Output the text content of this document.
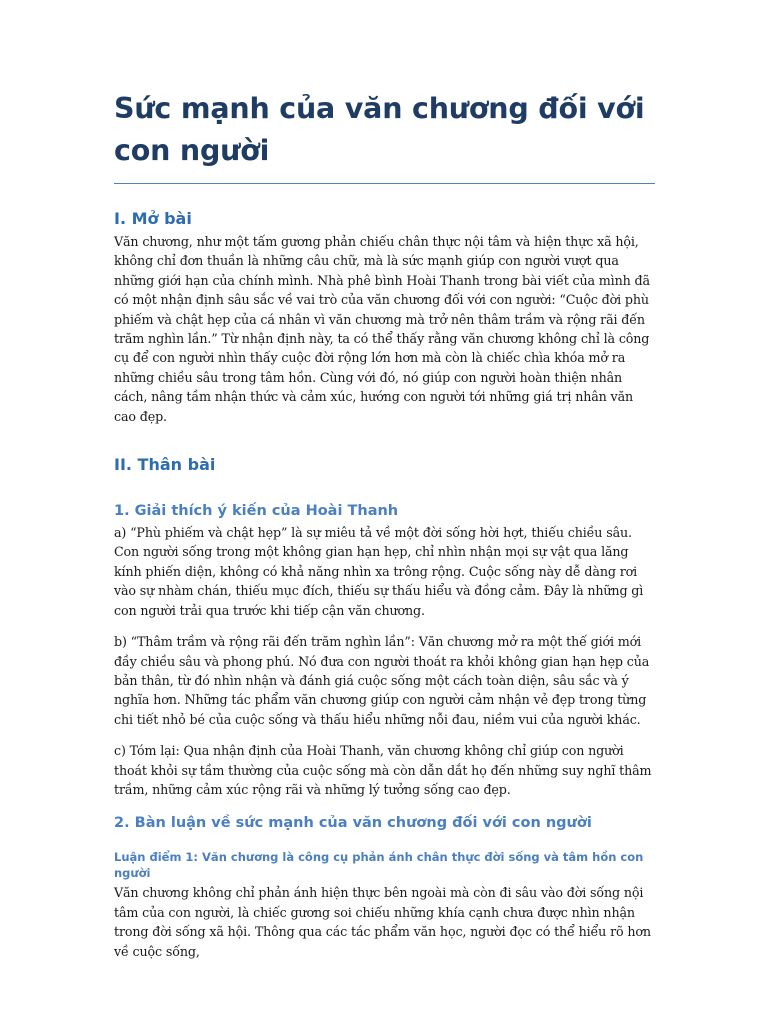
Sức mạnh của văn chương đối với con người
I. Mở bài

Văn chương, như một tấm gương phản chiếu chân thực nội tâm và hiện thực xã hội, không chỉ đơn thuần là những câu chữ, mà là sức mạnh giúp con người vượt qua những giới hạn của chính mình. Nhà phê bình Hoài Thanh trong bài viết của mình đã có một nhận định sâu sắc về vai trò của văn chương đối với con người: “Cuộc đời phù phiếm và chật hẹp của cá nhân vì văn chương mà trở nên thâm trầm và rộng rãi đến trăm nghìn lần.” Từ nhận định này, ta có thể thấy rằng văn chương không chỉ là công cụ để con người nhìn thấy cuộc đời rộng lớn hơn mà còn là chiếc chìa khóa mở ra những chiều sâu trong tâm hồn. Cùng với đó, nó giúp con người hoàn thiện nhân cách, nâng tầm nhận thức và cảm xúc, hướng con người tới những giá trị nhân văn cao đẹp.

II. Thân bài
1. Giải thích ý kiến của Hoài Thanh

a) “Phù phiếm và chật hẹp” là sự miêu tả về một đời sống hời hợt, thiếu chiều sâu. Con người sống trong một không gian hạn hẹp, chỉ nhìn nhận mọi sự vật qua lăng kính phiến diện, không có khả năng nhìn xa trông rộng. Cuộc sống này dễ dàng rơi vào sự nhàm chán, thiếu mục đích, thiếu sự thấu hiểu và đồng cảm. Đây là những gì con người trải qua trước khi tiếp cận văn chương.

b) “Thâm trầm và rộng rãi đến trăm nghìn lần”: Văn chương mở ra một thế giới mới đầy chiều sâu và phong phú. Nó đưa con người thoát ra khỏi không gian hạn hẹp của bản thân, từ đó nhìn nhận và đánh giá cuộc sống một cách toàn diện, sâu sắc và ý nghĩa hơn. Những tác phẩm văn chương giúp con người cảm nhận vẻ đẹp trong từng chi tiết nhỏ bé của cuộc sống và thấu hiểu những nỗi đau, niềm vui của người khác.

c) Tóm lại: Qua nhận định của Hoài Thanh, văn chương không chỉ giúp con người thoát khỏi sự tầm thường của cuộc sống mà còn dẫn dắt họ đến những suy nghĩ thâm trầm, những cảm xúc rộng rãi và những lý tưởng sống cao đẹp.

2. Bàn luận về sức mạnh của văn chương đối với con người
Luận điểm 1: Văn chương là công cụ phản ánh chân thực đời sống và tâm hồn con người

Văn chương không chỉ phản ánh hiện thực bên ngoài mà còn đi sâu vào đời sống nội tâm của con người, là chiếc gương soi chiếu những khía cạnh chưa được nhìn nhận trong đời sống xã hội. Thông qua các tác phẩm văn học, người đọc có thể hiểu rõ hơn về cuộc sống,
